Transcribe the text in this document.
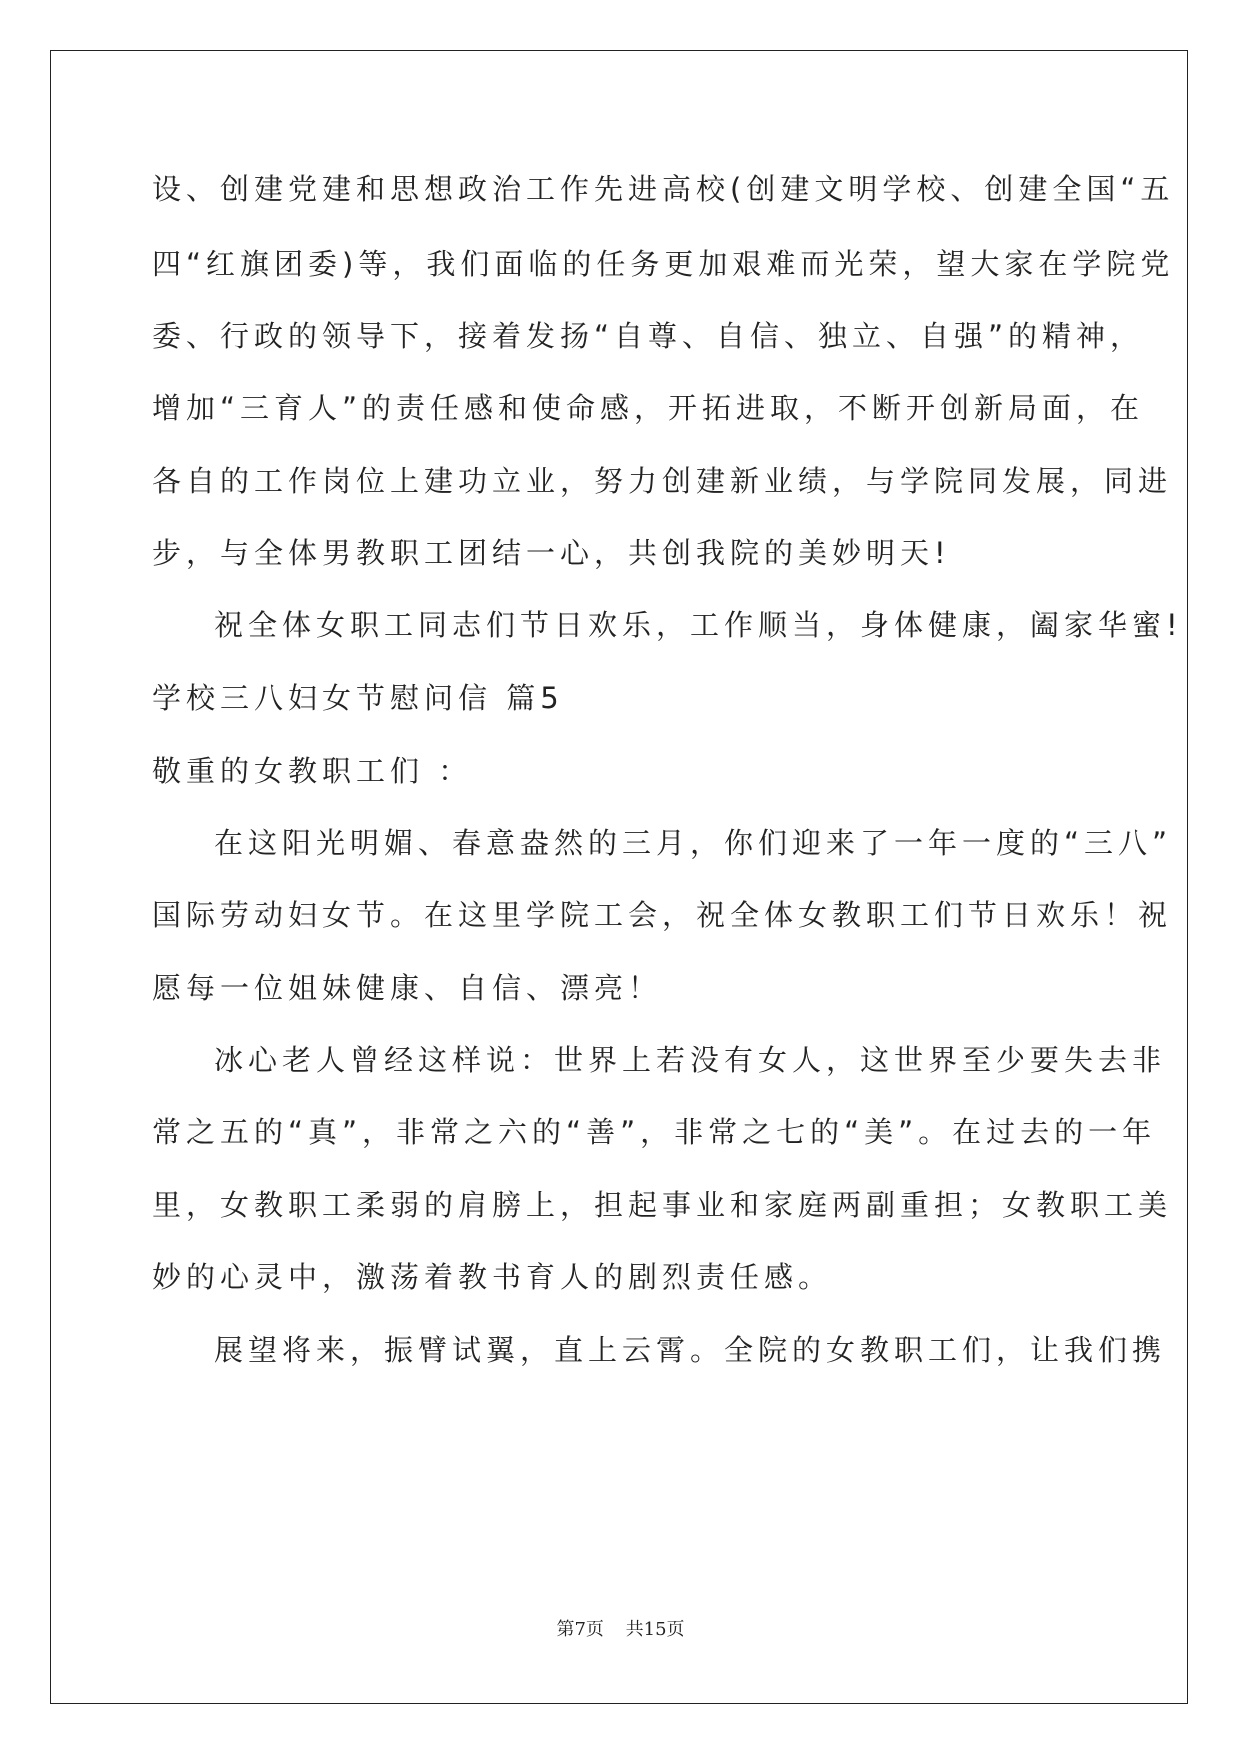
设、创建党建和思想政治工作先进高校(创建文明学校、创建全国“五
四“红旗团委)等，我们面临的任务更加艰难而光荣，望大家在学院党
委、行政的领导下，接着发扬“自尊、自信、独立、自强”的精神，
增加“三育人”的责任感和使命感，开拓进取，不断开创新局面，在
各自的工作岗位上建功立业，努力创建新业绩，与学院同发展，同进
步，与全体男教职工团结一心，共创我院的美妙明天!
祝全体女职工同志们节日欢乐，工作顺当，身体健康，阖家华蜜!
学校三八妇女节慰问信 篇5
敬重的女教职工们 ：
在这阳光明媚、春意盎然的三月，你们迎来了一年一度的“三八”
国际劳动妇女节。在这里学院工会，祝全体女教职工们节日欢乐！祝
愿每一位姐妹健康、自信、漂亮！
冰心老人曾经这样说：世界上若没有女人，这世界至少要失去非
常之五的“真”，非常之六的“善”，非常之七的“美”。在过去的一年
里，女教职工柔弱的肩膀上，担起事业和家庭两副重担；女教职工美
妙的心灵中，激荡着教书育人的剧烈责任感。
展望将来，振臂试翼，直上云霄。全院的女教职工们，让我们携
第7页 共15页
